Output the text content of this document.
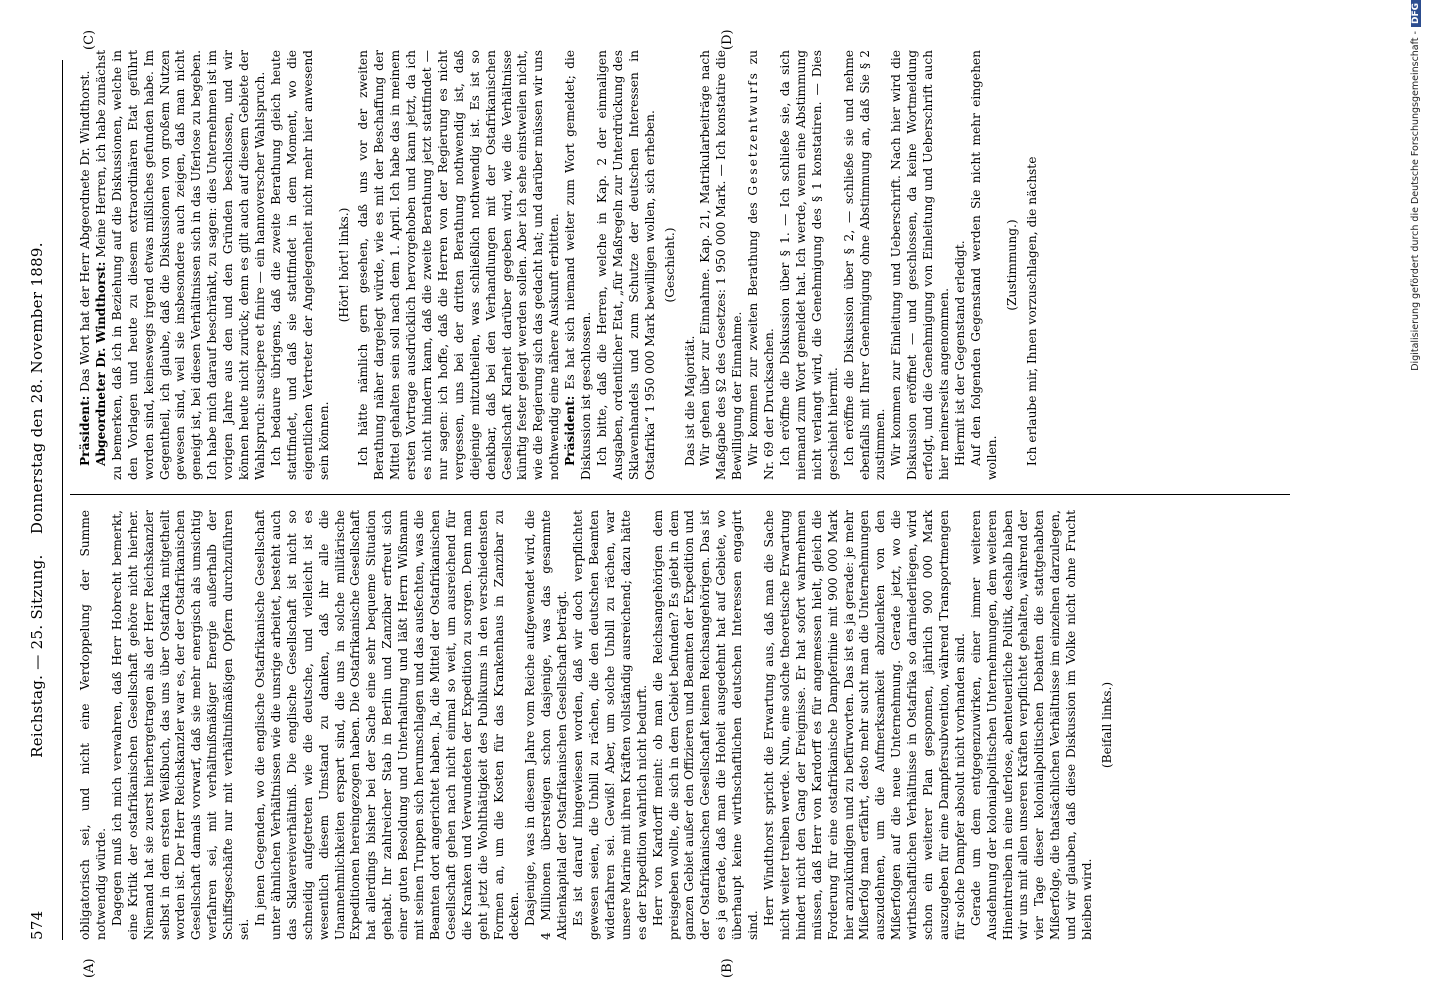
574
Reichstag. — 25. Sitzung.    Donnerstag den 28. November 1889.
(A)	(B)
(C)	(D)

obligatorisch sei, und nicht eine Verdoppelung der Summe notwendig würde. Dagegen muß ich mich verwahren, daß Herr Hobrecht bemerkt, eine Kritik der ostafrikanischen Gesellschaft gehöre nicht hierher. Niemand hat sie zuerst hierhergetragen als der Herr Reichskanzler selbst in dem ersten Weißbuch, das uns über Ostafrika mitgetheilt worden ist. Der Herr Reichskanzler war es, der der Ostafrikanischen Gesellschaft damals vorwarf, daß sie mehr energisch als umsichtig verfahren sei, mit verhältnißmäßiger Energie außerhalb der Schiffsgeschäfte nur mit verhältnißmäßigen Opfern durchzuführen sei.

In jenen Gegenden, wo die englische Ostafrikanische Gesellschaft unter ähnlichen Verhältnissen wie die unsrige arbeitet, besteht auch das Sklavereiverhältniß. Die englische Gesellschaft ist nicht so schneidig aufgetreten wie die deutsche, und vielleicht ist es wesentlich diesem Umstand zu danken, daß ihr alle die Unannehmlichkeiten erspart sind, die uns in solche militärische Expeditionen hereingezogen haben. Die Ostafrikanische Gesellschaft hat allerdings bisher bei der Sache eine sehr bequeme Situation gehabt. Ihr zahlreicher Stab in Berlin und Zanzibar erfreut sich einer guten Besoldung und Unterhaltung und läßt Herrn Wißmann mit seinen Truppen sich herumschlagen und das ausfechten, was die Beamten dort angerichtet haben. Ja, die Mittel der Ostafrikanischen Gesellschaft gehen nach nicht einmal so weit, um ausreichend für die Kranken und Verwundeten der Expedition zu sorgen. Denn man geht jetzt die Wohlthätigkeit des Publikums in den verschiedensten Formen an, um die Kosten für das Krankenhaus in Zanzibar zu decken. Dasjenige, was in diesem Jahre vom Reiche aufgewendet wird, die 4 Millionen übersteigen schon dasjenige, was das gesammte Aktienkapital der Ostafrikanischen Gesellschaft beträgt. Es ist darauf hingewiesen worden, daß wir doch verpflichtet gewesen seien, die Unbill zu rächen, die den deutschen Beamten widerfahren sei. Gewiß! Aber, um solche Unbill zu rächen, war unsere Marine mit ihren Kräften vollständig ausreichend; dazu hätte es der Expedition wahrlich nicht bedurft. Herr von Kardorff meint: ob man die Reichsangehörigen dem preisgeben wollte, die sich in dem Gebiet befunden? Es giebt in dem ganzen Gebiet außer den Offizieren und Beamten der Expedition und der Ostafrikanischen Gesellschaft keinen Reichsangehörigen. Das ist es ja gerade, daß man die Hoheit ausgedehnt hat auf Gebiete, wo überhaupt keine wirthschaftlichen deutschen Interessen engagirt sind. Herr Windthorst spricht die Erwartung aus, daß man die Sache nicht weiter treiben werde. Nun, eine solche theoretische Erwartung hindert nicht den Gang der Ereignisse. Er hat sofort wahrnehmen müssen, daß Herr von Kardorff es für angemessen hielt, gleich die Forderung für eine ostafrikanische Dampferlinie mit 900 000 Mark hier anzukündigen und zu befürworten. Das ist es ja gerade: je mehr Mißerfolg man erfährt, desto mehr sucht man die Unternehmungen auszudehnen, um die Aufmerksamkeit abzulenken von den Mißerfolgen auf die neue Unternehmung. Gerade jetzt, wo die wirthschaftlichen Verhältnisse in Ostafrika so darniederliegen, wird schon ein weiterer Plan gesponnen, jährlich 900 000 Mark auszugeben für eine Dampfersubvention, während Transportmengen für solche Dampfer absolut nicht vorhanden sind. Gerade um dem entgegenzuwirken, einer immer weiteren Ausdehnung der kolonialpolitischen Unternehmungen, dem weiteren Hineintreiben in eine uferlose, abenteuerliche Politik, deshalb haben wir uns mit allen unseren Kräften verpflichtet gehalten, während der vier Tage dieser kolonialpolitischen Debatten die stattgehabten Mißerfolge, die thatsächlichen Verhältnisse im einzelnen darzulegen, und wir glauben, daß diese Diskussion im Volke nicht ohne Frucht bleiben wird.

(Beifall links.)

Präsident: Das Wort hat der Herr Abgeordnete Dr. Windthorst. Abgeordneter Dr. Windthorst: Meine Herren, ich habe zunächst zu bemerken, daß ich in Beziehung auf die Diskussionen, welche in den Vorlagen und heute zu diesem extraordinären Etat geführt worden sind, keineswegs irgend etwas mißliches gefunden habe. Im Gegentheil, ich glaube, daß die Diskussionen von großem Nutzen gewesen sind, weil sie insbesondere auch zeigen, daß man nicht geneigt ist, bei diesen Verhältnissen sich in das Uferlose zu begeben. Ich habe mich darauf beschränkt, zu sagen: dies Unternehmen ist im vorigen Jahre aus den und den Gründen beschlossen, und wir können heute nicht zurück; denn es gilt auch auf diesem Gebiete der Wahlspruch: suscipere et finire — ein hannoverscher Wahlspruch. Ich bedaure übrigens, daß die zweite Berathung gleich heute stattfindet, und daß sie stattfindet in dem Moment, wo die eigentlichen Vertreter der Angelegenheit nicht mehr hier anwesend sein können.

(Hört! hört! links.) Ich hätte nämlich gern gesehen, daß uns vor der zweiten Berathung näher dargelegt würde, wie es mit der Beschaffung der Mittel gehalten sein soll nach dem 1. April. Ich habe das in meinem ersten Vortrage ausdrücklich hervorgehoben und kann jetzt, da ich es nicht hindern kann, daß die zweite Berathung jetzt stattfindet — nur sagen: ich hoffe, daß die Herren von der Regierung es nicht vergessen, uns bei der dritten Berathung nothwendig ist, daß diejenige mitzutheilen, was schließlich nothwendig ist. Es ist so denkbar, daß bei den Verhandlungen mit der Ostafrikanischen Gesellschaft Klarheit darüber gegeben wird, wie die Verhältnisse künftig fester gelegt werden sollen. Aber ich sehe einstweilen nicht, wie die Regierung sich das gedacht hat; und darüber müssen wir uns nothwendig eine nähere Auskunft erbitten. Präsident: Es hat sich niemand weiter zum Wort gemeldet; die Diskussion ist geschlossen. Ich bitte, daß die Herren, welche in Kap. 2 der einmaligen Ausgaben, ordentlicher Etat, „für Maßregeln zur Unterdrückung des Sklavenhandels und zum Schutze der deutschen Interessen in Ostafrika“ 1 950 000 Mark bewilligen wollen, sich erheben. (Geschieht.)

Das ist die Majorität. Wir gehen über zur Einnahme. Kap. 21, Matrikularbeiträge nach Maßgabe des §2 des Gesetzes: 1 950 000 Mark. — Ich konstatire die Bewilligung der Einnahme. Wir kommen zur zweiten Berathung des Gesetzentwurfs zu Nr. 69 der Drucksachen. Ich eröffne die Diskussion über § 1. — Ich schließe sie, da sich niemand zum Wort gemeldet hat. Ich werde, wenn eine Abstimmung nicht verlangt wird, die Genehmigung des § 1 konstatiren. — Dies geschieht hiermit. Ich eröffne die Diskussion über § 2, — schließe sie und nehme ebenfalls mit Ihrer Genehmigung ohne Abstimmung an, daß Sie § 2 zustimmen. Wir kommen zur Einleitung und Ueberschrift. Nach hier wird die Diskussion eröffnet — und geschlossen, da keine Wortmeldung erfolgt, und die Genehmigung von Einleitung und Ueberschrift auch hier meinerseits angenommen. Hiermit ist der Gegenstand erledigt. Auf den folgenden Gegenstand werden Sie nicht mehr eingehen wollen.

(Zustimmung.) Ich erlaube mir, Ihnen vorzuschlagen, die nächste	Digitalisierung gefördert durch die Deutsche Forschungsgemeinschaft -DFG
